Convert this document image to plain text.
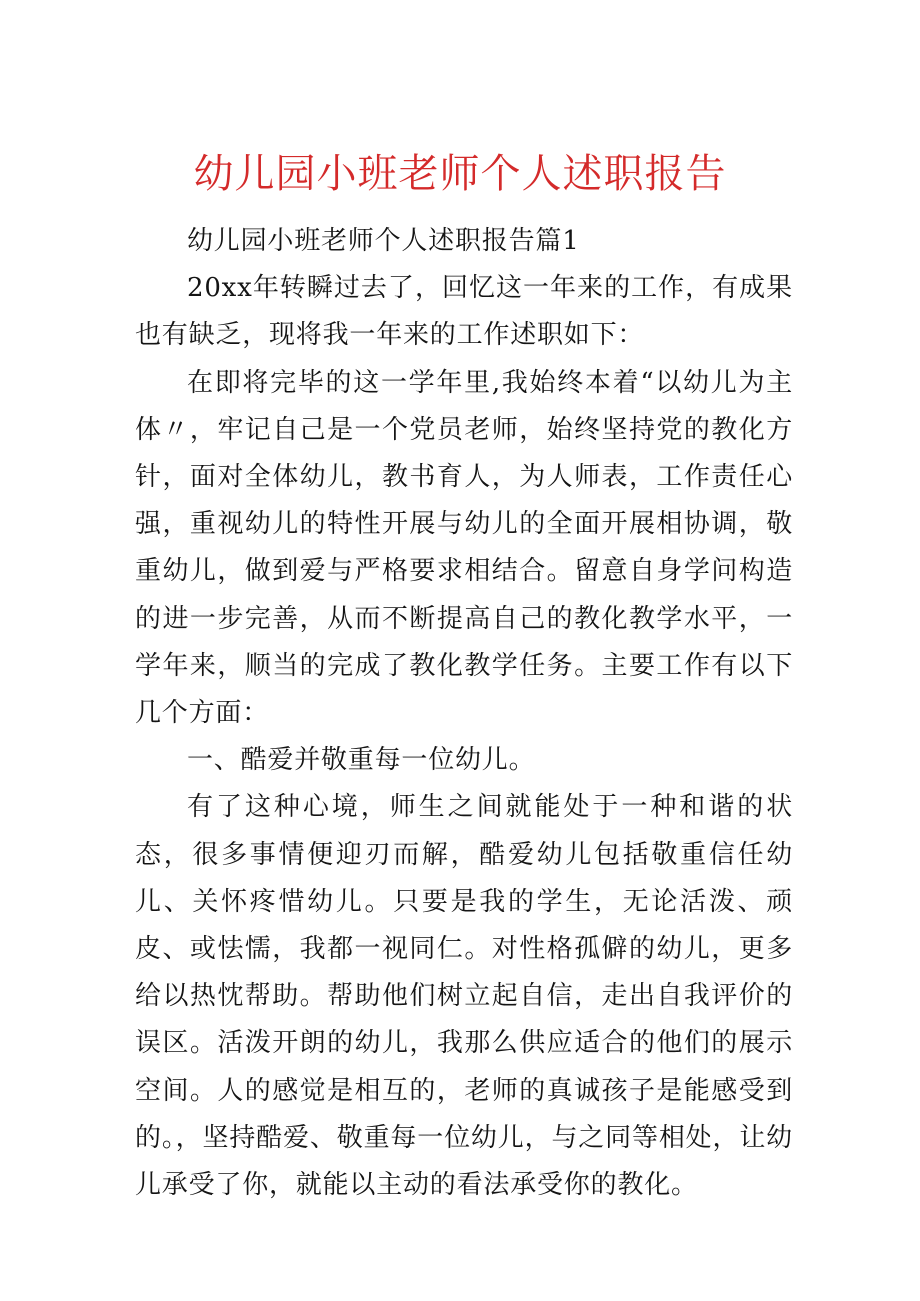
幼儿园小班老师个人述职报告

幼儿园小班老师个人述职报告篇1

20xx年转瞬过去了，回忆这一年来的工作，有成果也有缺乏，现将我一年来的工作述职如下：

在即将完毕的这一学年里,我始终本着“以幼儿为主体〃，牢记自己是一个党员老师，始终坚持党的教化方针，面对全体幼儿，教书育人，为人师表，工作责任心强，重视幼儿的特性开展与幼儿的全面开展相协调，敬重幼儿，做到爱与严格要求相结合。留意自身学问构造的进一步完善，从而不断提高自己的教化教学水平，一学年来，顺当的完成了教化教学任务。主要工作有以下几个方面：

一、酷爱并敬重每一位幼儿。

有了这种心境，师生之间就能处于一种和谐的状态，很多事情便迎刃而解，酷爱幼儿包括敬重信任幼儿、关怀疼惜幼儿。只要是我的学生，无论活泼、顽皮、或怯懦，我都一视同仁。对性格孤僻的幼儿，更多给以热忱帮助。帮助他们树立起自信，走出自我评价的误区。活泼开朗的幼儿，我那么供应适合的他们的展示空间。人的感觉是相互的，老师的真诚孩子是能感受到的。，坚持酷爱、敬重每一位幼儿，与之同等相处，让幼儿承受了你，就能以主动的看法承受你的教化。
